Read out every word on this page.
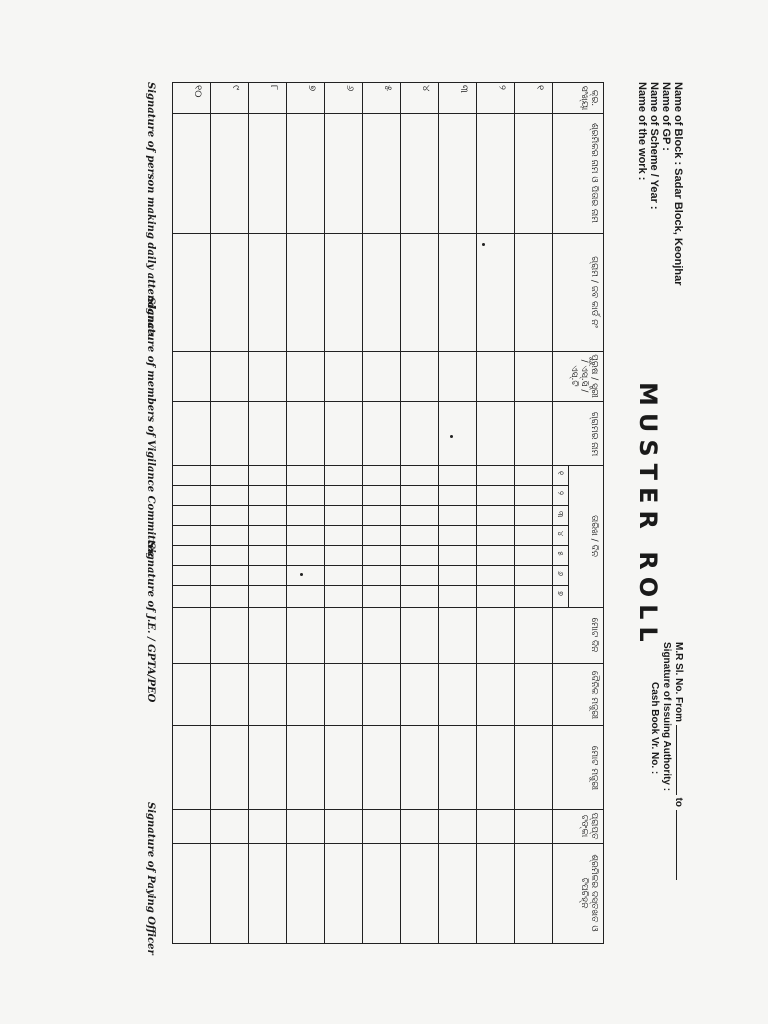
Name of Block : Sadar Block, Keonjhar
Name of GP :
Name of Scheme / Year :
Name of the work :
MUSTER ROLL
M.R Sl. No. From  to
Signature of Issuing Authority :
Cash Book Vr. No. :
କ୍ର. ସଂଖ୍ୟା
ଶ୍ରମିକର ନାମ ଓ ପିତାର ନାମ
ଗ୍ରାମ / ଜବ କାର୍ଡ ନଂ
ପୁରୁଷ / ସ୍ତ୍ରୀ / ଏସ୍.ସି / ଏସ୍.ଟି
ଗ୍ରାମର ନାମ
ତାରିଖ / ଦିନ
ମୋଟ ଦିନ
ଦୈନିକ ମଜୁରୀ
ମୋଟ ମଜୁରୀ
ପ୍ରାପ୍ତ ଟଙ୍କା
ଶ୍ରମିକର ଦସ୍ତଖତ ଓ ଟିପଚିହ୍ନ
୧
୨
୩
୪
୫
୬
୭
୧
୨
୩
୪
୫
୬
୭
୮
୯
୧୦
Signature of person making daily attendance
Signature of members of Vigilance Committee
Signature of J.E. / GPTA/PEO
Signature of Paying Officer
